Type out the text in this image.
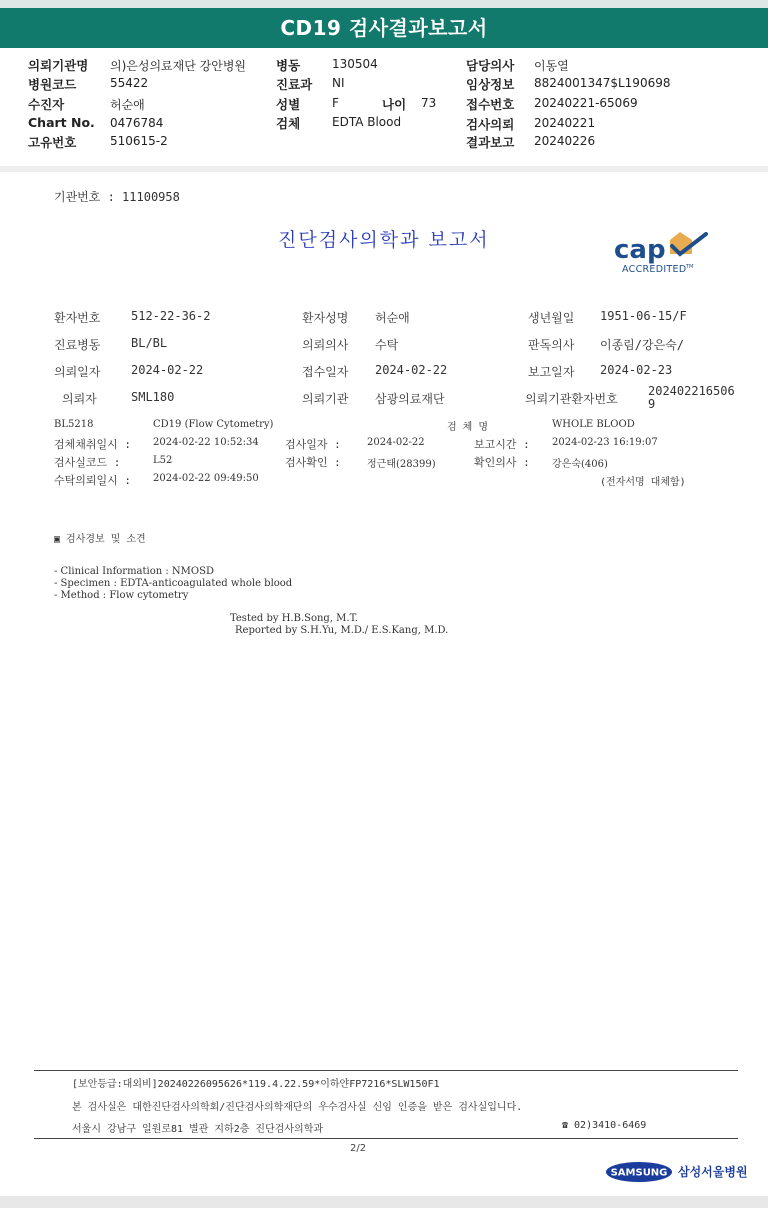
CD19 검사결과보고서
의뢰기관명 의)은성의료재단 강안병원 병동	130504	담당의사 이동열
병원코드	55422	진료과 NI	임상정보 8824001347$L190698
수진자	허순애	성별	F	나이 73 접수번호 20240221-65069
Chart No. 0476784	검체	EDTA Blood	검사의뢰 20240221
고유번호	510615-2	결과보고 20240226
기관번호 : 11100958
진단검사의학과 보고서	cap
ACCREDITED TM
환자번호	512-22-36-2	환자성명 허순애	생년월일 1951-06-15/F
진료병동	BL/BL	의뢰의사 수탁	판독의사 이종림/강은숙/
의뢰일자	2024-02-22	접수일자 2024-02-22	보고일자 2024-02-23
의뢰자	SML180	의뢰기관 삼광의료재단	의뢰기관환자번호
202402216506
9
BL5218	CD19 (Flow Cytometry)	검 체 명	WHOLE BLOOD
검체채취일시 : 2024-02-22 10:52:34 검사일자 :	2024-02-22	보고시간 : 2024-02-23 16:19:07
검사실코드 :	L52	검사확인 :	정근태(28399)	확인의사 : 강은숙(406)
수탁의뢰일시 : 2024-02-22 09:49:50	(전자서명 대체함)
▣ 검사경보 및 소견
- Clinical Information : NMOSD
- Specimen : EDTA-anticoagulated whole blood
- Method : Flow cytometry
Tested by H.B.Song, M.T.
Reported by S.H.Yu, M.D./ E.S.Kang, M.D.
[보안등급:대외비]20240226095626*119.4.22.59*이하얀FP7216*SLW150F1
본 검사실은 대한진단검사의학회/진단검사의학재단의 우수검사실 신임 인증을 받은 검사실입니다.
서울시 강남구 일원로81 별관 지하2층 진단검사의학과	☎ 02)3410-6469
2/2
SAMSUNG 삼성서울병원
